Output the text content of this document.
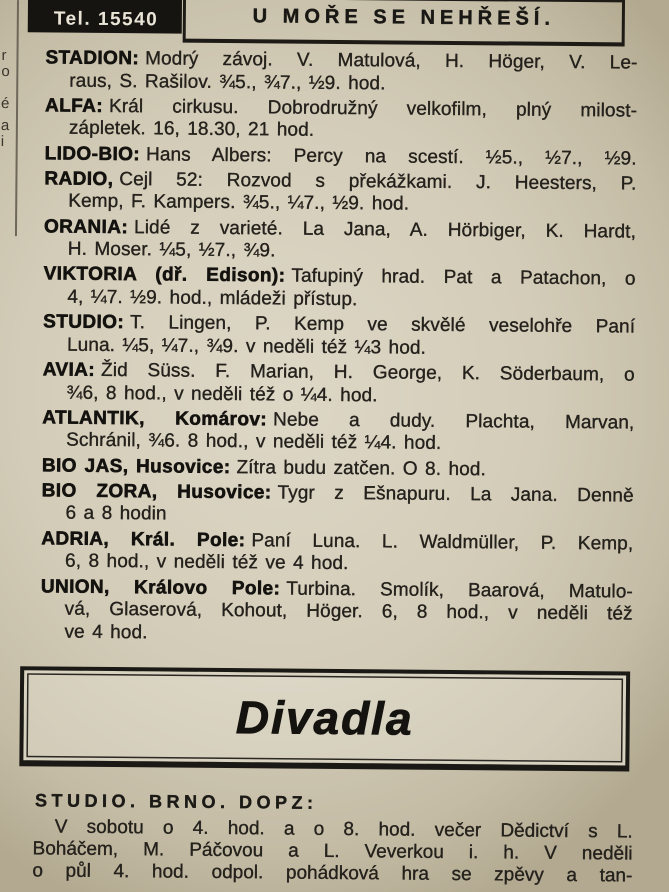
Tel. 15540	U MOŘE SE NEHŘEŠÍ.
r
o
é
a
i
STADION: Modrý závoj. V. Matulová, H. Höger, V. Le-
raus, S. Rašilov. ¾5., ¾7., ½9. hod.
ALFA: Král cirkusu. Dobrodružný velkofilm, plný milost-
zápletek. 16, 18.30, 21 hod.
LIDO-BIO: Hans Albers: Percy na scestí. ½5., ½7., ½9.
RADIO, Cejl 52: Rozvod s překážkami. J. Heesters, P.
Kemp, F. Kampers. ¾5., ¼7., ½9. hod.
ORANIA: Lidé z varieté. La Jana, A. Hörbiger, K. Hardt,
H. Moser. ¼5, ½7., ¾9.
VIKTORIA (dř. Edison): Tafupiný hrad. Pat a Patachon, o
4, ¼7. ½9. hod., mládeži přístup.
STUDIO: T. Lingen, P. Kemp ve skvělé veselohře Paní
Luna. ¼5, ¼7., ¾9. v neděli též ¼3 hod.
AVIA: Žid Süss. F. Marian, H. George, K. Söderbaum, o
¾6, 8 hod., v neděli též o ¼4. hod.
ATLANTIK, Komárov: Nebe a dudy. Plachta, Marvan,
Schránil, ¾6. 8 hod., v neděli též ¼4. hod.
BIO JAS, Husovice: Zítra budu zatčen. O 8. hod.
BIO ZORA, Husovice: Tygr z Ešnapuru. La Jana. Denně
6 a 8 hodin
ADRIA, Král. Pole: Paní Luna. L. Waldmüller, P. Kemp,
6, 8 hod., v neděli též ve 4 hod.
UNION, Královo Pole: Turbina. Smolík, Baarová, Matulo-
vá, Glaserová, Kohout, Höger. 6, 8 hod., v neděli též
ve 4 hod.
Divadla
STUDIO. BRNO. DOPZ:
V sobotu o 4. hod. a o 8. hod. večer Dědictví s L.
Boháčem, M. Páčovou a L. Veverkou i. h. V neděli
o půl 4. hod. odpol. pohádková hra se zpěvy a tan-
